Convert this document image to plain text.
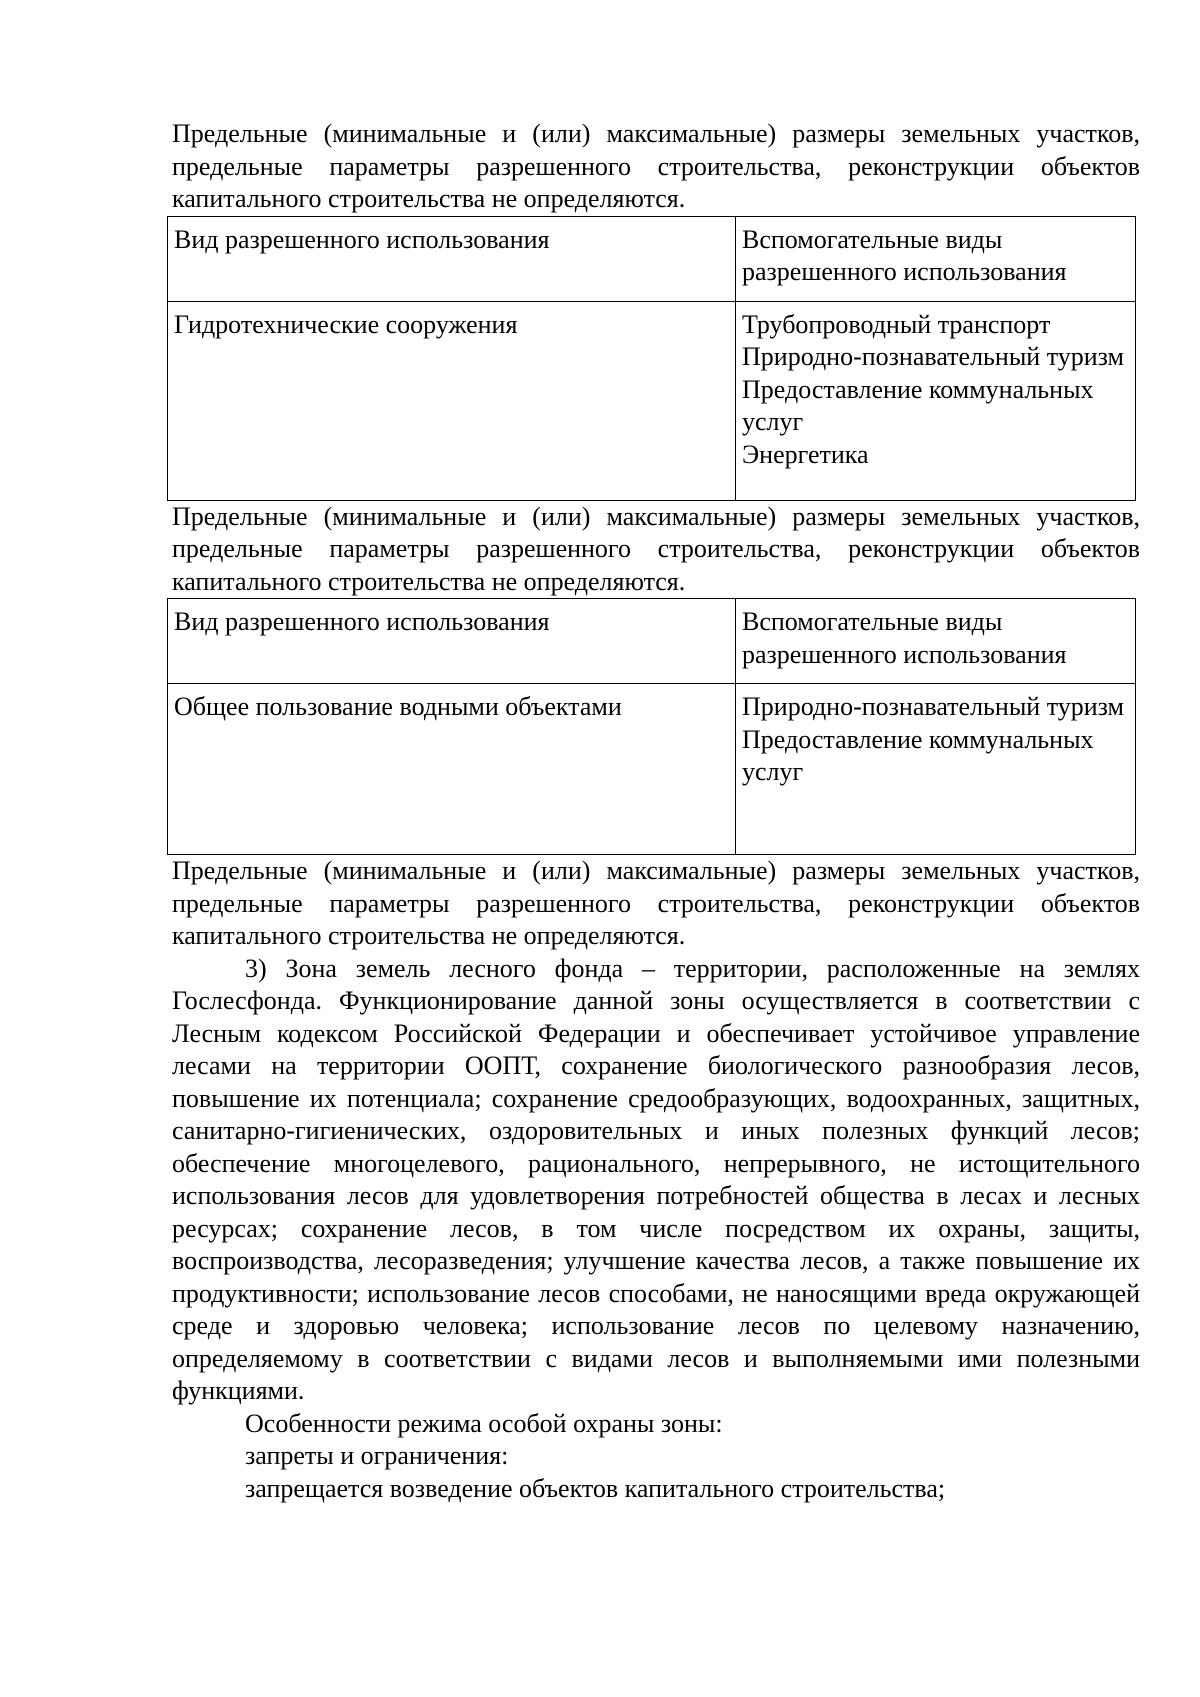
Предельные (минимальные и (или) максимальные) размеры земельных участков, предельные параметры разрешенного строительства, реконструкции объектов капитального строительства не определяются.

Вид разрешенного использования	Вспомогательные виды
разрешенного использования

Гидротехнические сооружения	Трубопроводный транспорт
Природно-познавательный туризм
Предоставление коммунальных услуг
Энергетика

Предельные (минимальные и (или) максимальные) размеры земельных участков, предельные параметры разрешенного строительства, реконструкции объектов капитального строительства не определяются.

Вид разрешенного использования	Вспомогательные виды
разрешенного использования

Общее пользование водными объектами	Природно-познавательный туризм
Предоставление коммунальных услуг

Предельные (минимальные и (или) максимальные) размеры земельных участков, предельные параметры разрешенного строительства, реконструкции объектов капитального строительства не определяются.

3) Зона земель лесного фонда – территории, расположенные на землях Гослесфонда. Функционирование данной зоны осуществляется в соответствии с Лесным кодексом Российской Федерации и обеспечивает устойчивое управление лесами на территории ООПТ, сохранение биологического разнообразия лесов, повышение их потенциала; сохранение средообразующих, водоохранных, защитных, санитарно-гигиенических, оздоровительных и иных полезных функций лесов; обеспечение многоцелевого, рационального, непрерывного, не истощительного использования лесов для удовлетворения потребностей общества в лесах и лесных ресурсах; сохранение лесов, в том числе посредством их охраны, защиты, воспроизводства, лесоразведения; улучшение качества лесов, а также повышение их продуктивности; использование лесов способами, не наносящими вреда окружающей среде и здоровью человека; использование лесов по целевому назначению, определяемому в соответствии с видами лесов и выполняемыми ими полезными функциями.

Особенности режима особой охраны зоны:

запреты и ограничения:

запрещается возведение объектов капитального строительства;
